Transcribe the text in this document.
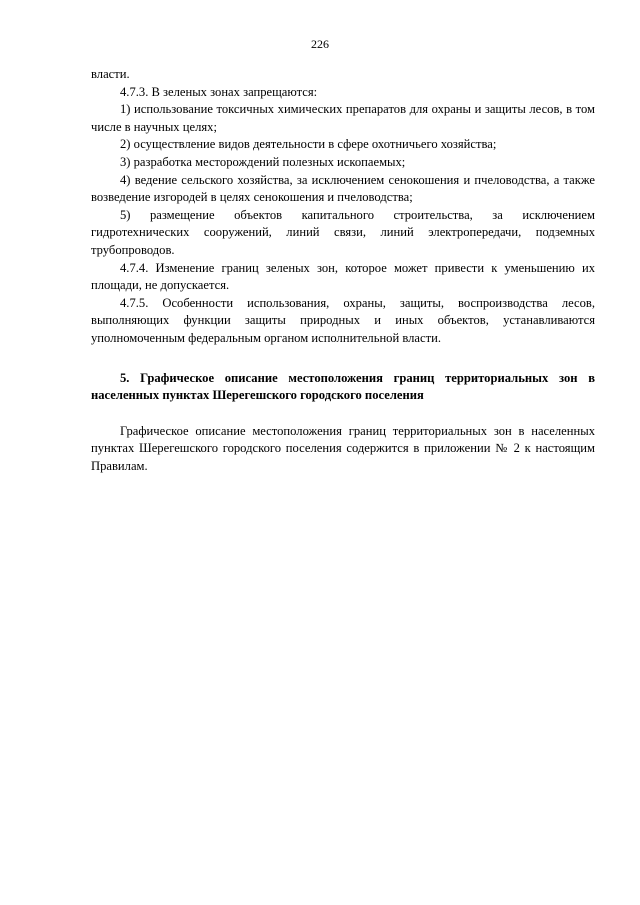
226

власти.

4.7.3. В зеленых зонах запрещаются:

1) использование токсичных химических препаратов для охраны и защиты лесов, в том числе в научных целях;

2) осуществление видов деятельности в сфере охотничьего хозяйства;

3) разработка месторождений полезных ископаемых;

4) ведение сельского хозяйства, за исключением сенокошения и пчеловодства, а также возведение изгородей в целях сенокошения и пчеловодства;

5) размещение объектов капитального строительства, за исключением гидротехнических сооружений, линий связи, линий электропередачи, подземных трубопроводов.

4.7.4. Изменение границ зеленых зон, которое может привести к уменьшению их площади, не допускается.

4.7.5. Особенности использования, охраны, защиты, воспроизводства лесов, выполняющих функции защиты природных и иных объектов, устанавливаются уполномоченным федеральным органом исполнительной власти.

5. Графическое описание местоположения границ территориальных зон в населенных пунктах Шерегешского городского поселения

Графическое описание местоположения границ территориальных зон в населенных пунктах Шерегешского городского поселения содержится в приложении № 2 к настоящим Правилам.
